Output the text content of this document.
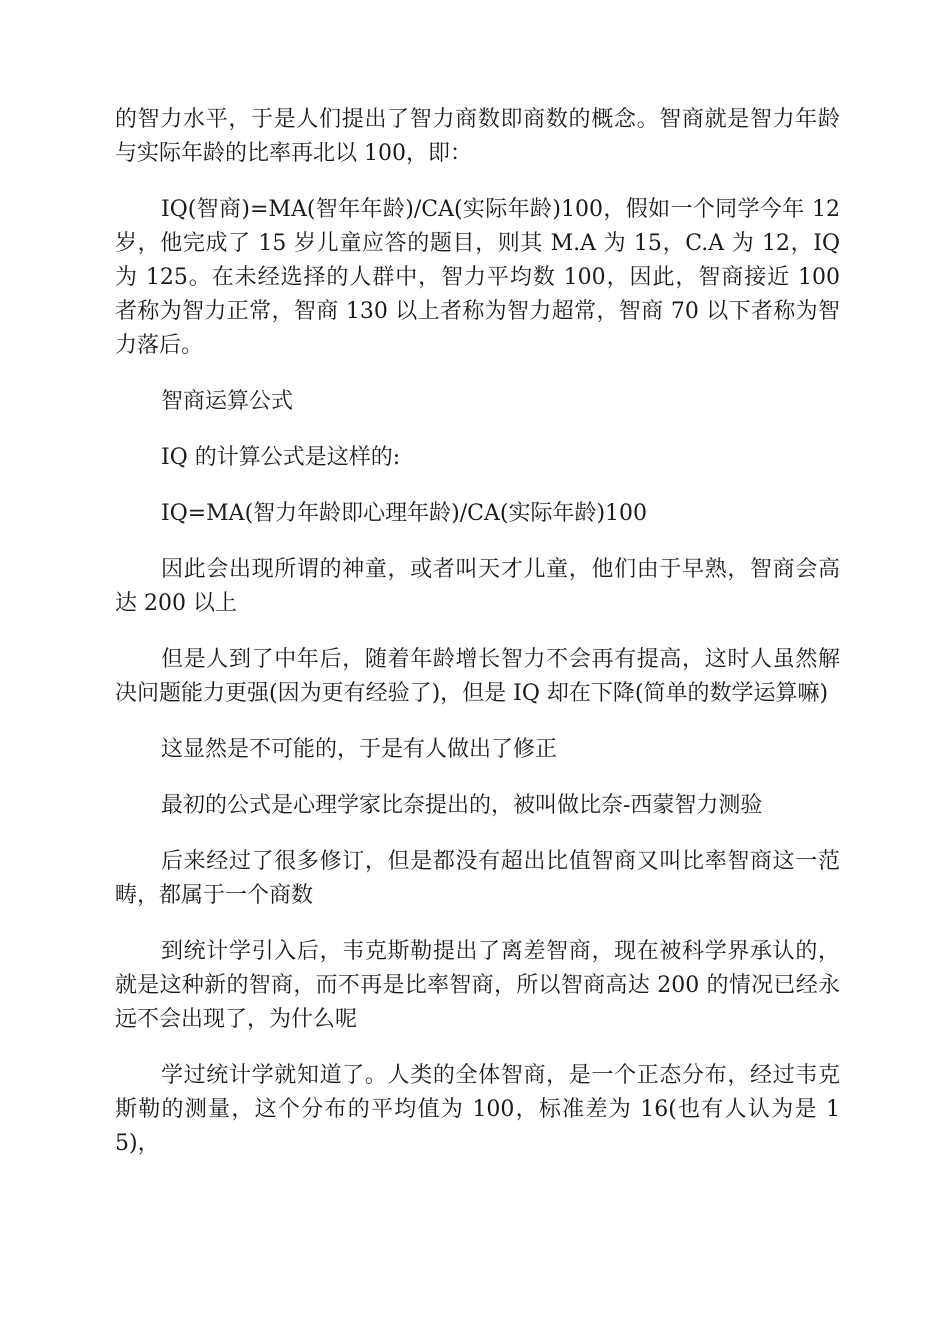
的智力水平，于是人们提出了智力商数即商数的概念。智商就是智力年龄与实际年龄的比率再北以 100，即：

IQ(智商)=MA(智年年龄)/CA(实际年龄)100，假如一个同学今年 12 岁，他完成了 15 岁儿童应答的题目，则其 M.A 为 15，C.A 为 12，IQ 为 125。在未经选择的人群中，智力平均数 100，因此，智商接近 100 者称为智力正常，智商 130 以上者称为智力超常，智商 70 以下者称为智力落后。

智商运算公式

IQ 的计算公式是这样的:

IQ=MA(智力年龄即心理年龄)/CA(实际年龄)100

因此会出现所谓的神童，或者叫天才儿童，他们由于早熟，智商会高达 200 以上

但是人到了中年后，随着年龄增长智力不会再有提高，这时人虽然解决问题能力更强(因为更有经验了)，但是 IQ 却在下降(简单的数学运算嘛)

这显然是不可能的，于是有人做出了修正

最初的公式是心理学家比奈提出的，被叫做比奈-西蒙智力测验

后来经过了很多修订，但是都没有超出比值智商又叫比率智商这一范畴，都属于一个商数

到统计学引入后，韦克斯勒提出了离差智商，现在被科学界承认的，就是这种新的智商，而不再是比率智商，所以智商高达 200 的情况已经永远不会出现了，为什么呢

学过统计学就知道了。人类的全体智商，是一个正态分布，经过韦克斯勒的测量，这个分布的平均值为 100，标准差为 16(也有人认为是 15)，
